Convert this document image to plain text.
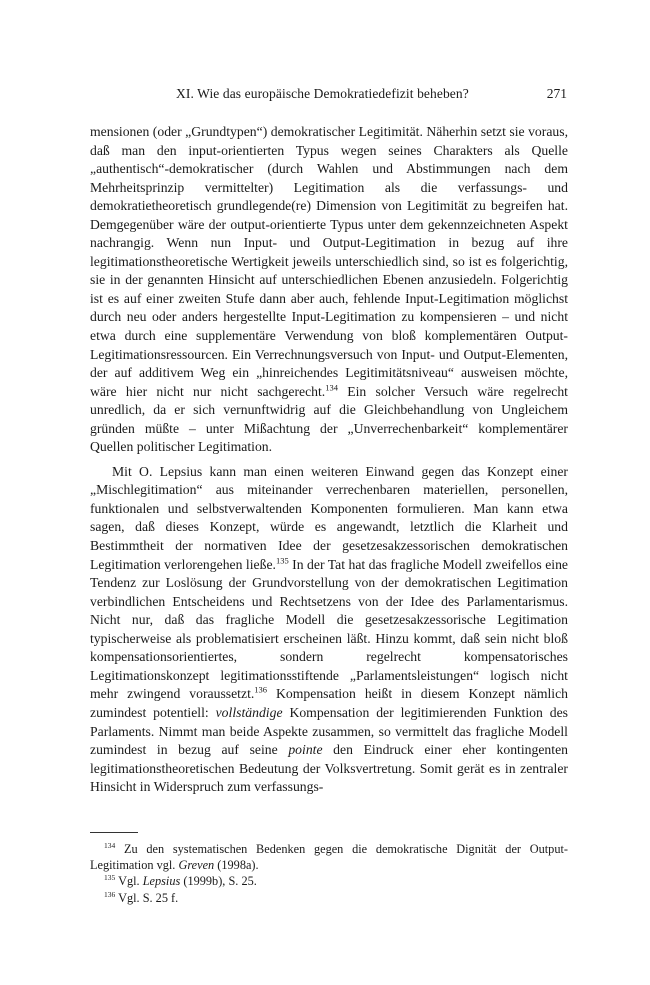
XI. Wie das europäische Demokratiedefizit beheben?	271

mensionen (oder „Grundtypen“) demokratischer Legitimität. Näherhin setzt sie voraus, daß man den input-orientierten Typus wegen seines Charakters als Quelle „authentisch“-demokratischer (durch Wahlen und Abstimmungen nach dem Mehrheitsprinzip vermittelter) Legitimation als die verfassungs- und demokratietheoretisch grundlegende(re) Dimension von Legitimität zu begreifen hat. Demgegenüber wäre der output-orientierte Typus unter dem gekennzeichneten Aspekt nachrangig. Wenn nun Input- und Output-Legitimation in bezug auf ihre legitimationstheoretische Wertigkeit jeweils unterschiedlich sind, so ist es folgerichtig, sie in der genannten Hinsicht auf unterschiedlichen Ebenen anzusiedeln. Folgerichtig ist es auf einer zweiten Stufe dann aber auch, fehlende Input-Legitimation möglichst durch neu oder anders hergestellte Input-Legitimation zu kompensieren – und nicht etwa durch eine supplementäre Verwendung von bloß komplementären Output-Legitimationsressourcen. Ein Verrechnungsversuch von Input- und Output-Elementen, der auf additivem Weg ein „hinreichendes Legitimitätsniveau“ ausweisen möchte, wäre hier nicht nur nicht sachgerecht.$^{134}$ Ein solcher Versuch wäre regelrecht unredlich, da er sich vernunftwidrig auf die Gleichbehandlung von Ungleichem gründen müßte – unter Mißachtung der „Unverrechenbarkeit“ komplementärer Quellen politischer Legitimation.

Mit O. Lepsius kann man einen weiteren Einwand gegen das Konzept einer „Mischlegitimation“ aus miteinander verrechenbaren materiellen, personellen, funktionalen und selbstverwaltenden Komponenten formulieren. Man kann etwa sagen, daß dieses Konzept, würde es angewandt, letztlich die Klarheit und Bestimmtheit der normativen Idee der gesetzesakzessorischen demokratischen Legitimation verlorengehen ließe.$^{135}$ In der Tat hat das fragliche Modell zweifellos eine Tendenz zur Loslösung der Grundvorstellung von der demokratischen Legitimation verbindlichen Entscheidens und Rechtsetzens von der Idee des Parlamentarismus. Nicht nur, daß das fragliche Modell die gesetzesakzessorische Legitimation typischerweise als problematisiert erscheinen läßt. Hinzu kommt, daß sein nicht bloß kompensationsorientiertes, sondern regelrecht kompensatorisches Legitimationskonzept legitimationsstiftende „Parlamentsleistungen“ logisch nicht mehr zwingend voraussetzt.$^{136}$ Kompensation heißt in diesem Konzept nämlich zumindest potentiell: vollständige Kompensation der legitimierenden Funktion des Parlaments. Nimmt man beide Aspekte zusammen, so vermittelt das fragliche Modell zumindest in bezug auf seine pointe den Eindruck einer eher kontingenten legitimationstheoretischen Bedeutung der Volksvertretung. Somit gerät es in zentraler Hinsicht in Widerspruch zum verfassungs-

$^{134}$ Zu den systematischen Bedenken gegen die demokratische Dignität der Output-Legitimation vgl. Greven (1998a).

$^{135}$ Vgl. Lepsius (1999b), S. 25.

$^{136}$ Vgl. S. 25 f.
